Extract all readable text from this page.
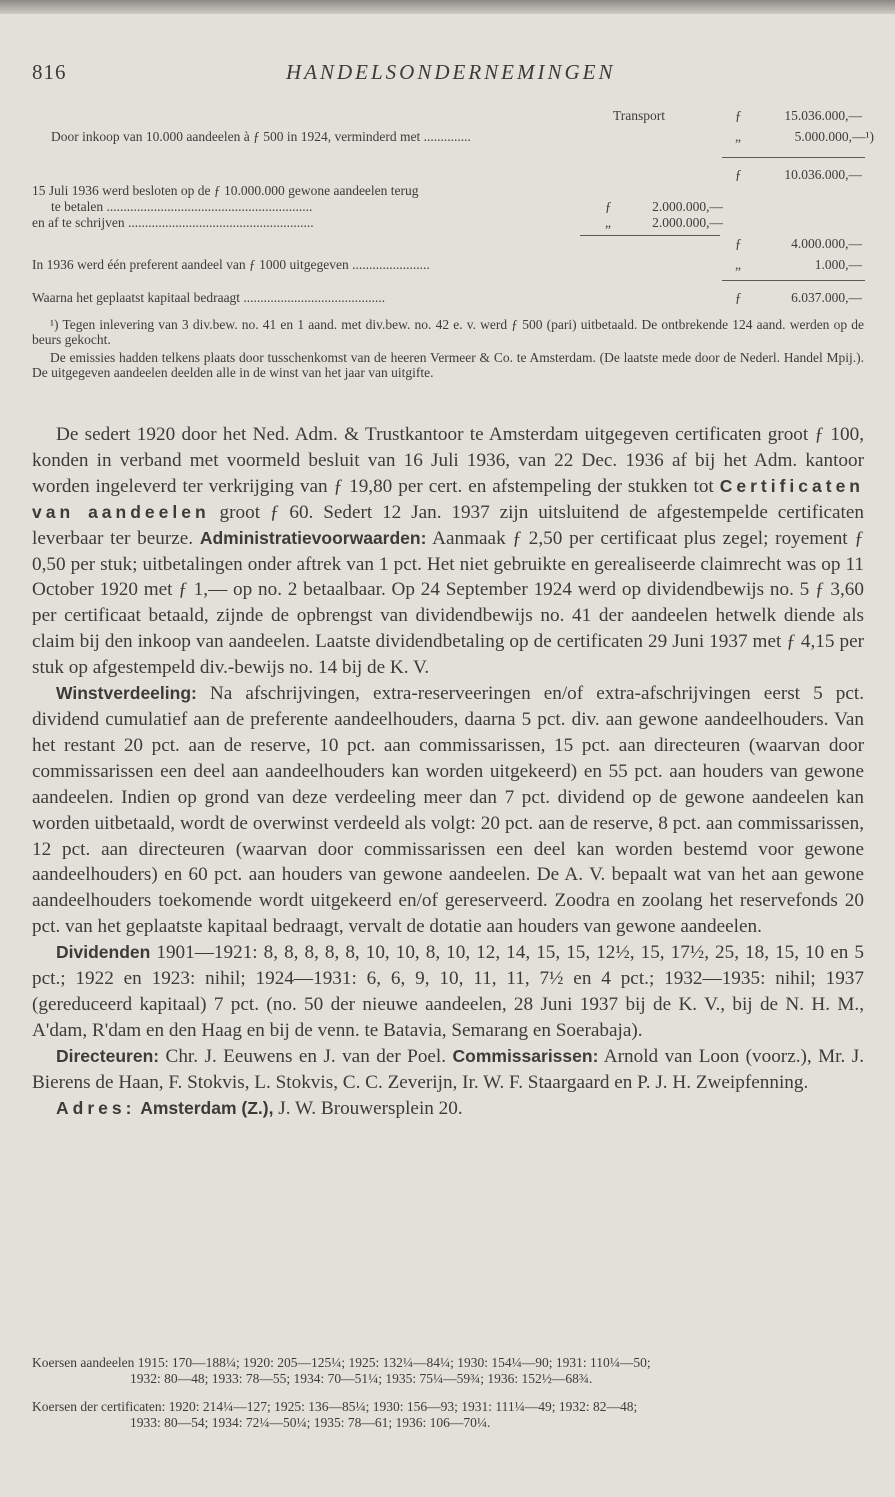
816	HANDELSONDERNEMINGEN
Transport	ƒ	15.036.000,—
Door inkoop van 10.000 aandeelen à ƒ 500 in 1924, verminderd met ..............	„	5.000.000,—¹)
ƒ	10.036.000,—
15 Juli 1936 werd besloten op de ƒ 10.000.000 gewone aandeelen terug
te betalen .............................................................	ƒ	2.000.000,—
en af te schrijven .......................................................	„	2.000.000,—
ƒ	4.000.000,—
In 1936 werd één preferent aandeel van ƒ 1000 uitgegeven .......................	„	1.000,—
Waarna het geplaatst kapitaal bedraagt ..........................................	ƒ	6.037.000,—
¹) Tegen inlevering van 3 div.bew. no. 41 en 1 aand. met div.bew. no. 42 e. v. werd ƒ 500 (pari) uitbetaald. De ontbrekende 124 aand. werden op de beurs gekocht.
De emissies hadden telkens plaats door tusschenkomst van de heeren Vermeer & Co. te Amsterdam. (De laatste mede door de Nederl. Handel Mpij.). De uitgegeven aandeelen deelden alle in de winst van het jaar van uitgifte.

De sedert 1920 door het Ned. Adm. & Trustkantoor te Amsterdam uitgegeven certificaten groot ƒ 100, konden in verband met voormeld besluit van 16 Juli 1936, van 22 Dec. 1936 af bij het Adm. kantoor worden ingeleverd ter verkrijging van ƒ 19,80 per cert. en afstempeling der stukken tot Certificaten van aandeelen groot ƒ 60. Sedert 12 Jan. 1937 zijn uitsluitend de afgestempelde certificaten leverbaar ter beurze. Administratievoorwaarden: Aanmaak ƒ 2,50 per certificaat plus zegel; royement ƒ 0,50 per stuk; uitbetalingen onder aftrek van 1 pct. Het niet gebruikte en gerealiseerde claimrecht was op 11 October 1920 met ƒ 1,— op no. 2 betaalbaar. Op 24 September 1924 werd op dividendbewijs no. 5 ƒ 3,60 per certificaat betaald, zijnde de opbrengst van dividendbewijs no. 41 der aandeelen hetwelk diende als claim bij den inkoop van aandeelen. Laatste dividendbetaling op de certificaten 29 Juni 1937 met ƒ 4,15 per stuk op afgestempeld div.-bewijs no. 14 bij de K. V.

Winstverdeeling: Na afschrijvingen, extra-reserveeringen en/of extra-afschrijvingen eerst 5 pct. dividend cumulatief aan de preferente aandeelhouders, daarna 5 pct. div. aan gewone aandeelhouders. Van het restant 20 pct. aan de reserve, 10 pct. aan commissarissen, 15 pct. aan directeuren (waarvan door commissarissen een deel aan aandeelhouders kan worden uitgekeerd) en 55 pct. aan houders van gewone aandeelen. Indien op grond van deze verdeeling meer dan 7 pct. dividend op de gewone aandeelen kan worden uitbetaald, wordt de overwinst verdeeld als volgt: 20 pct. aan de reserve, 8 pct. aan commissarissen, 12 pct. aan directeuren (waarvan door commissarissen een deel kan worden bestemd voor gewone aandeelhouders) en 60 pct. aan houders van gewone aandeelen. De A. V. bepaalt wat van het aan gewone aandeelhouders toekomende wordt uitgekeerd en/of gereserveerd. Zoodra en zoolang het reservefonds 20 pct. van het geplaatste kapitaal bedraagt, vervalt de dotatie aan houders van gewone aandeelen.

Dividenden 1901—1921: 8, 8, 8, 8, 8, 10, 10, 8, 10, 12, 14, 15, 15, 12½, 15, 17½, 25, 18, 15, 10 en 5 pct.; 1922 en 1923: nihil; 1924—1931: 6, 6, 9, 10, 11, 11, 7½ en 4 pct.; 1932—1935: nihil; 1937 (gereduceerd kapitaal) 7 pct. (no. 50 der nieuwe aandeelen, 28 Juni 1937 bij de K. V., bij de N. H. M., A'dam, R'dam en den Haag en bij de venn. te Batavia, Semarang en Soerabaja).

Directeuren: Chr. J. Eeuwens en J. van der Poel. Commissarissen: Arnold van Loon (voorz.), Mr. J. Bierens de Haan, F. Stokvis, L. Stokvis, C. C. Zeverijn, Ir. W. F. Staargaard en P. J. H. Zweipfenning.

Adres: Amsterdam (Z.), J. W. Brouwersplein 20.

Koersen aandeelen 1915: 170—188¼; 1920: 205—125¼; 1925: 132¼—84¼; 1930: 154¼—90; 1931: 110¼—50;
1932: 80—48; 1933: 78—55; 1934: 70—51¼; 1935: 75¼—59¾; 1936: 152½—68¾.
Koersen der certificaten: 1920: 214¼—127; 1925: 136—85¼; 1930: 156—93; 1931: 111¼—49; 1932: 82—48;
1933: 80—54; 1934: 72¼—50¼; 1935: 78—61; 1936: 106—70¼.
